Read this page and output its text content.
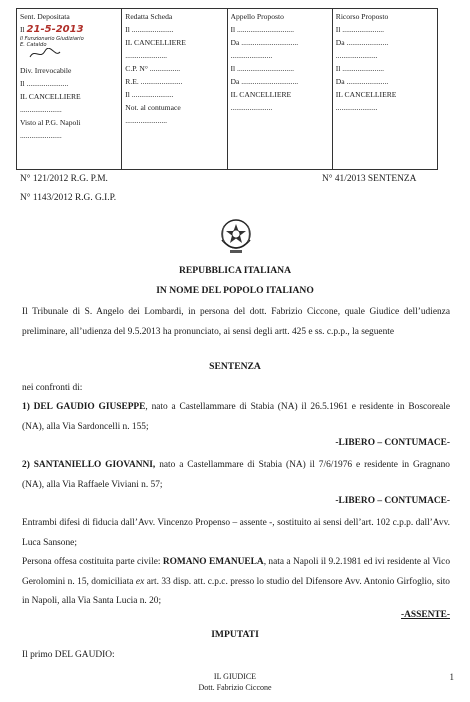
Sent. Depositata
Il 21-5-2013
Il Funzionario Giudiziario
E. Cataldo
Div. Irrevocabile
Il ......................
IL CANCELLIERE
......................
Visto al P.G. Napoli
......................
Redatta Scheda
Il ......................
IL CANCELLIERE
......................
C.P. N° ................
R.E. ......................
Il ......................
Not. al contumace
......................
Appello Proposto
Il ..............................
Da ..............................
......................
Il ..............................
Da ..............................
IL CANCELLIERE
......................
Ricorso Proposto
Il ......................
Da ......................
......................
Il ......................
Da ......................
IL CANCELLIERE
......................
N° 121/2012 R.G. P.M.	N° 41/2013 SENTENZA
N° 1143/2012 R.G. G.I.P.
REPUBBLICA ITALIANA
IN NOME DEL POPOLO ITALIANO
Il Tribunale di S. Angelo dei Lombardi, in persona del dott. Fabrizio Ciccone, quale Giudice dell’udienza preliminare, all’udienza del 9.5.2013 ha pronunciato, ai sensi degli artt. 425 e ss. c.p.p., la seguente
SENTENZA
nei confronti di:
1) DEL GAUDIO GIUSEPPE, nato a Castellammare di Stabia (NA) il 26.5.1961 e residente in Boscoreale (NA), alla Via Sardoncelli n. 155;
-LIBERO – CONTUMACE-
2) SANTANIELLO GIOVANNI, nato a Castellammare di Stabia (NA) il 7/6/1976 e residente in Gragnano (NA), alla Via Raffaele Viviani n. 57;
-LIBERO – CONTUMACE-
Entrambi difesi di fiducia dall’Avv. Vincenzo Propenso – assente -, sostituito ai sensi dell’art. 102 c.p.p. dall’Avv. Luca Sansone;
Persona offesa costituita parte civile: ROMANO EMANUELA, nata a Napoli il 9.2.1981 ed ivi residente al Vico Gerolomini n. 15, domiciliata ex art. 33 disp. att. c.p.c. presso lo studio del Difensore Avv. Antonio Girfoglio, sito in Napoli, alla Via Santa Lucia n. 20;
-ASSENTE-
IMPUTATI
Il primo DEL GAUDIO:
IL GIUDICE
Dott. Fabrizio Ciccone
1
